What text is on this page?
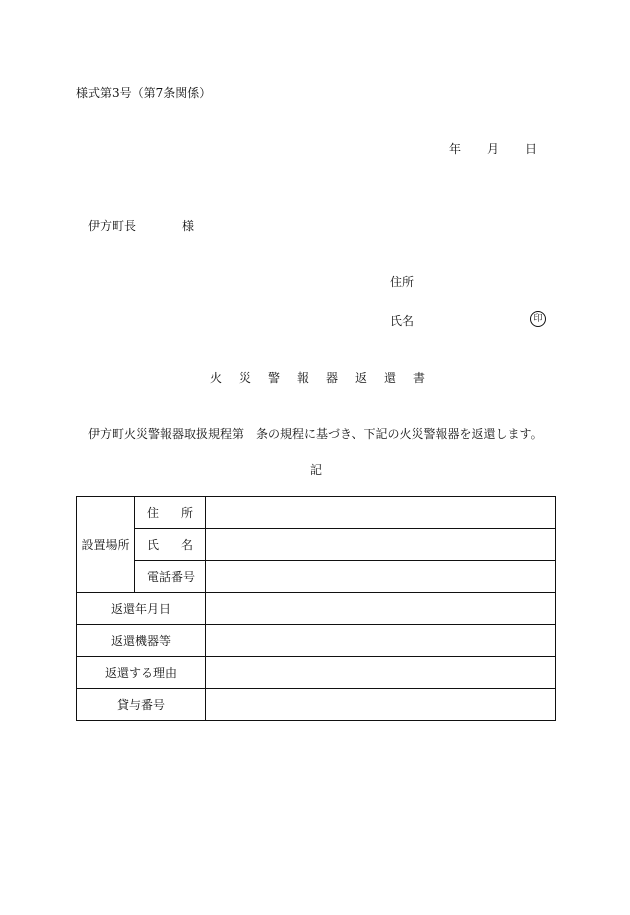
様式第3号（第7条関係）
年 月 日
伊方町長	様
住所
氏名	印
火災警報器返還書
伊方町火災警報器取扱規程第　条の規程に基づき、下記の火災警報器を返還します。
記
設置場所	住 所	

	氏 名	

	電話番号	

返還年月日		
返還機器等		
返還する理由		
貸与番号		
